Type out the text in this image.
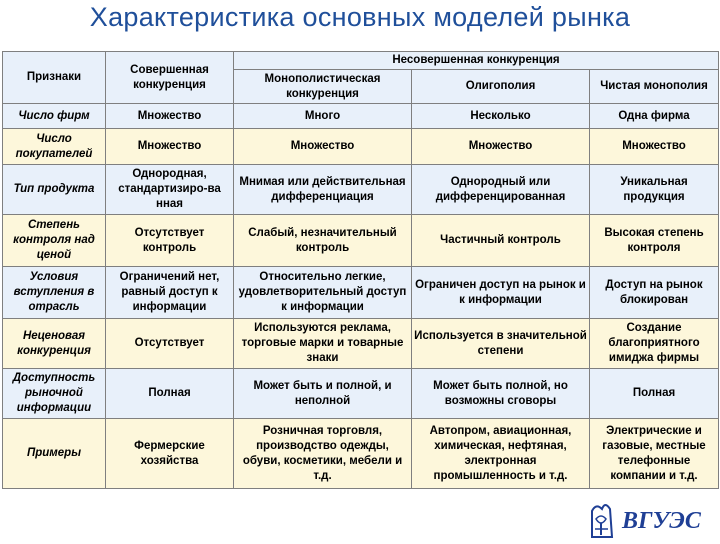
Характеристика основных моделей рынка
Признаки	Совершенная конкуренция	Несовершенная конкуренция		
		Монополистическая конкуренция	Олигополия	Чистая монополия
Число фирм	Множество	Много	Несколько	Одна фирма
Число покупателей	Множество	Множество	Множество	Множество
Тип продукта	Однородная, стандартизиро-ва нная	Мнимая или действительная дифференциация	Однородный или дифференцированная	Уникальная продукция
Степень контроля над ценой	Отсутствует контроль	Слабый, незначительный контроль	Частичный контроль	Высокая степень контроля
Условия вступления в отрасль	Ограничений нет, равный доступ к информации	Относительно легкие, удовлетворительный доступ к информации	Ограничен доступ на рынок и к информации	Доступ на рынок блокирован
Неценовая конкуренция	Отсутствует	Используются реклама, торговые марки и товарные знаки	Используется в значительной степени	Создание благоприятного имиджа фирмы
Доступность рыночной информации	Полная	Может быть и полной, и неполной	Может быть полной, но возможны сговоры	Полная
Примеры	Фермерские хозяйства	Розничная торговля, производство одежды, обуви, косметики, мебели и т.д.	Автопром, авиационная, химическая, нефтяная, электронная промышленность и т.д.	Электрические и газовые, местные телефонные компании и т.д.
ВГУЭС
